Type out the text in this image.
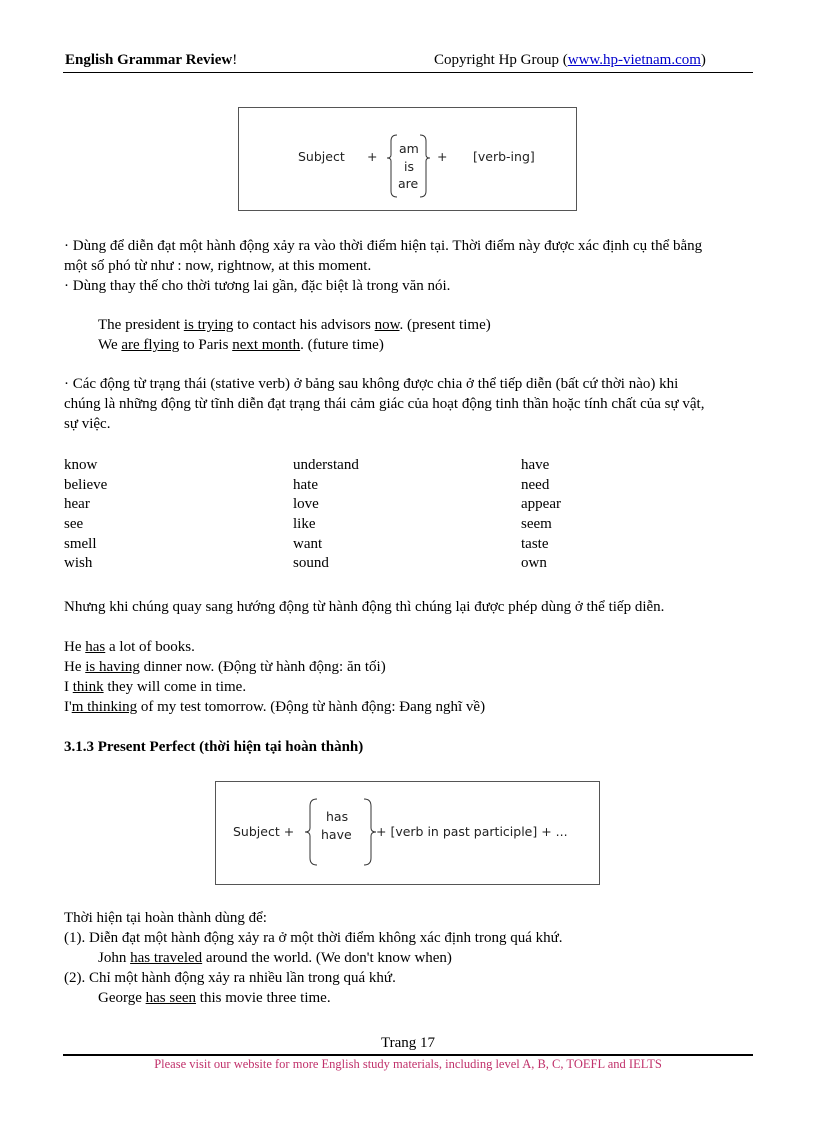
English Grammar Review!	Copyright Hp Group (www.hp-vietnam.com)
Subject +
am
is
are
+ [verb-ing]
· Dùng để diễn đạt một hành động xảy ra vào thời điểm hiện tại. Thời điểm này được xác định cụ thể bằng
một số phó từ như : now, rightnow, at this moment.
· Dùng thay thế cho thời tương lai gần, đặc biệt là trong văn nói.
The president is trying to contact his advisors now. (present time)
We are flying to Paris next month. (future time)
· Các động từ trạng thái (stative verb) ở bảng sau không được chia ở thể tiếp diễn (bất cứ thời nào) khi
chúng là những động từ tĩnh diễn đạt trạng thái cảm giác của hoạt động tinh thần hoặc tính chất của sự vật,
sự việc.
know	understand	have
believe	hate	need
hear	love	appear
see	like	seem
smell	want	taste
wish	sound	own
Nhưng khi chúng quay sang hướng động từ hành động thì chúng lại được phép dùng ở thể tiếp diễn.
He has a lot of books.
He is having dinner now. (Động từ hành động: ăn tối)
I think they will come in time.
I'm thinking of my test tomorrow. (Động từ hành động: Đang nghĩ về)
3.1.3 Present Perfect (thời hiện tại hoàn thành)
Subject +
has
have + [verb in past participle] + ...
Thời hiện tại hoàn thành dùng để:
(1). Diễn đạt một hành động xảy ra ở một thời điểm không xác định trong quá khứ.
John has traveled around the world. (We don't know when)
(2). Chỉ một hành động xảy ra nhiều lần trong quá khứ.
George has seen this movie three time.
Trang 17
Please visit our website for more English study materials, including level A, B, C, TOEFL and IELTS
